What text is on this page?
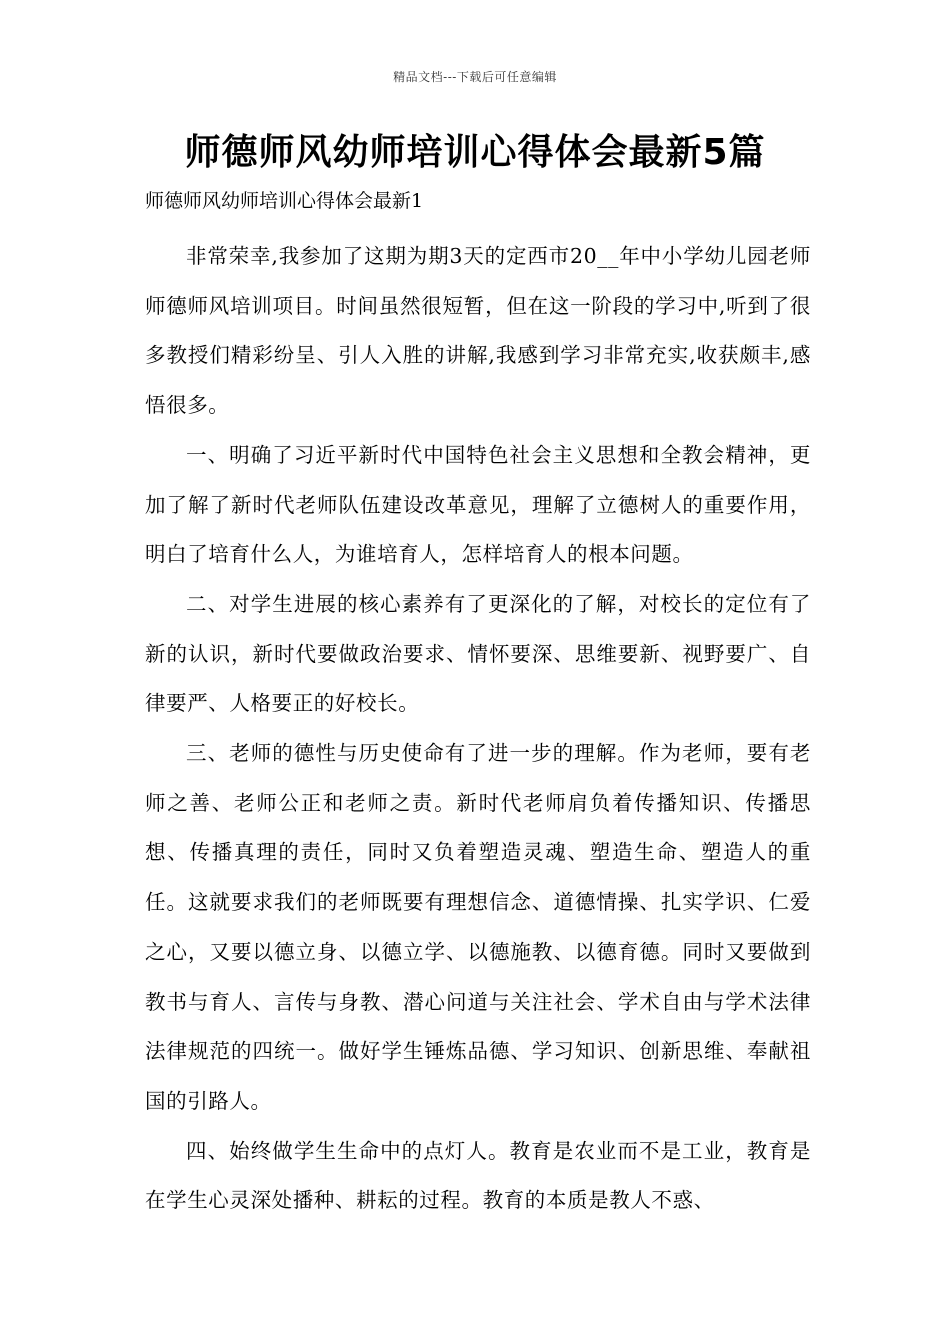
精品文档---下载后可任意编辑
师德师风幼师培训心得体会最新5篇

师德师风幼师培训心得体会最新1

非常荣幸,我参加了这期为期3天的定西市20__年中小学幼儿园老师师德师风培训项目。时间虽然很短暂，但在这一阶段的学习中,听到了很多教授们精彩纷呈、引人入胜的讲解,我感到学习非常充实,收获颇丰,感悟很多。

一、明确了习近平新时代中国特色社会主义思想和全教会精神，更加了解了新时代老师队伍建设改革意见，理解了立德树人的重要作用，明白了培育什么人，为谁培育人，怎样培育人的根本问题。

二、对学生进展的核心素养有了更深化的了解，对校长的定位有了新的认识，新时代要做政治要求、情怀要深、思维要新、视野要广、自律要严、人格要正的好校长。

三、老师的德性与历史使命有了进一步的理解。作为老师，要有老师之善、老师公正和老师之责。新时代老师肩负着传播知识、传播思想、传播真理的责任，同时又负着塑造灵魂、塑造生命、塑造人的重任。这就要求我们的老师既要有理想信念、道德情操、扎实学识、仁爱之心，又要以德立身、以德立学、以德施教、以德育德。同时又要做到教书与育人、言传与身教、潜心问道与关注社会、学术自由与学术法律法律规范的四统一。做好学生锤炼品德、学习知识、创新思维、奉献祖国的引路人。

四、始终做学生生命中的点灯人。教育是农业而不是工业，教育是在学生心灵深处播种、耕耘的过程。教育的本质是教人不惑、
